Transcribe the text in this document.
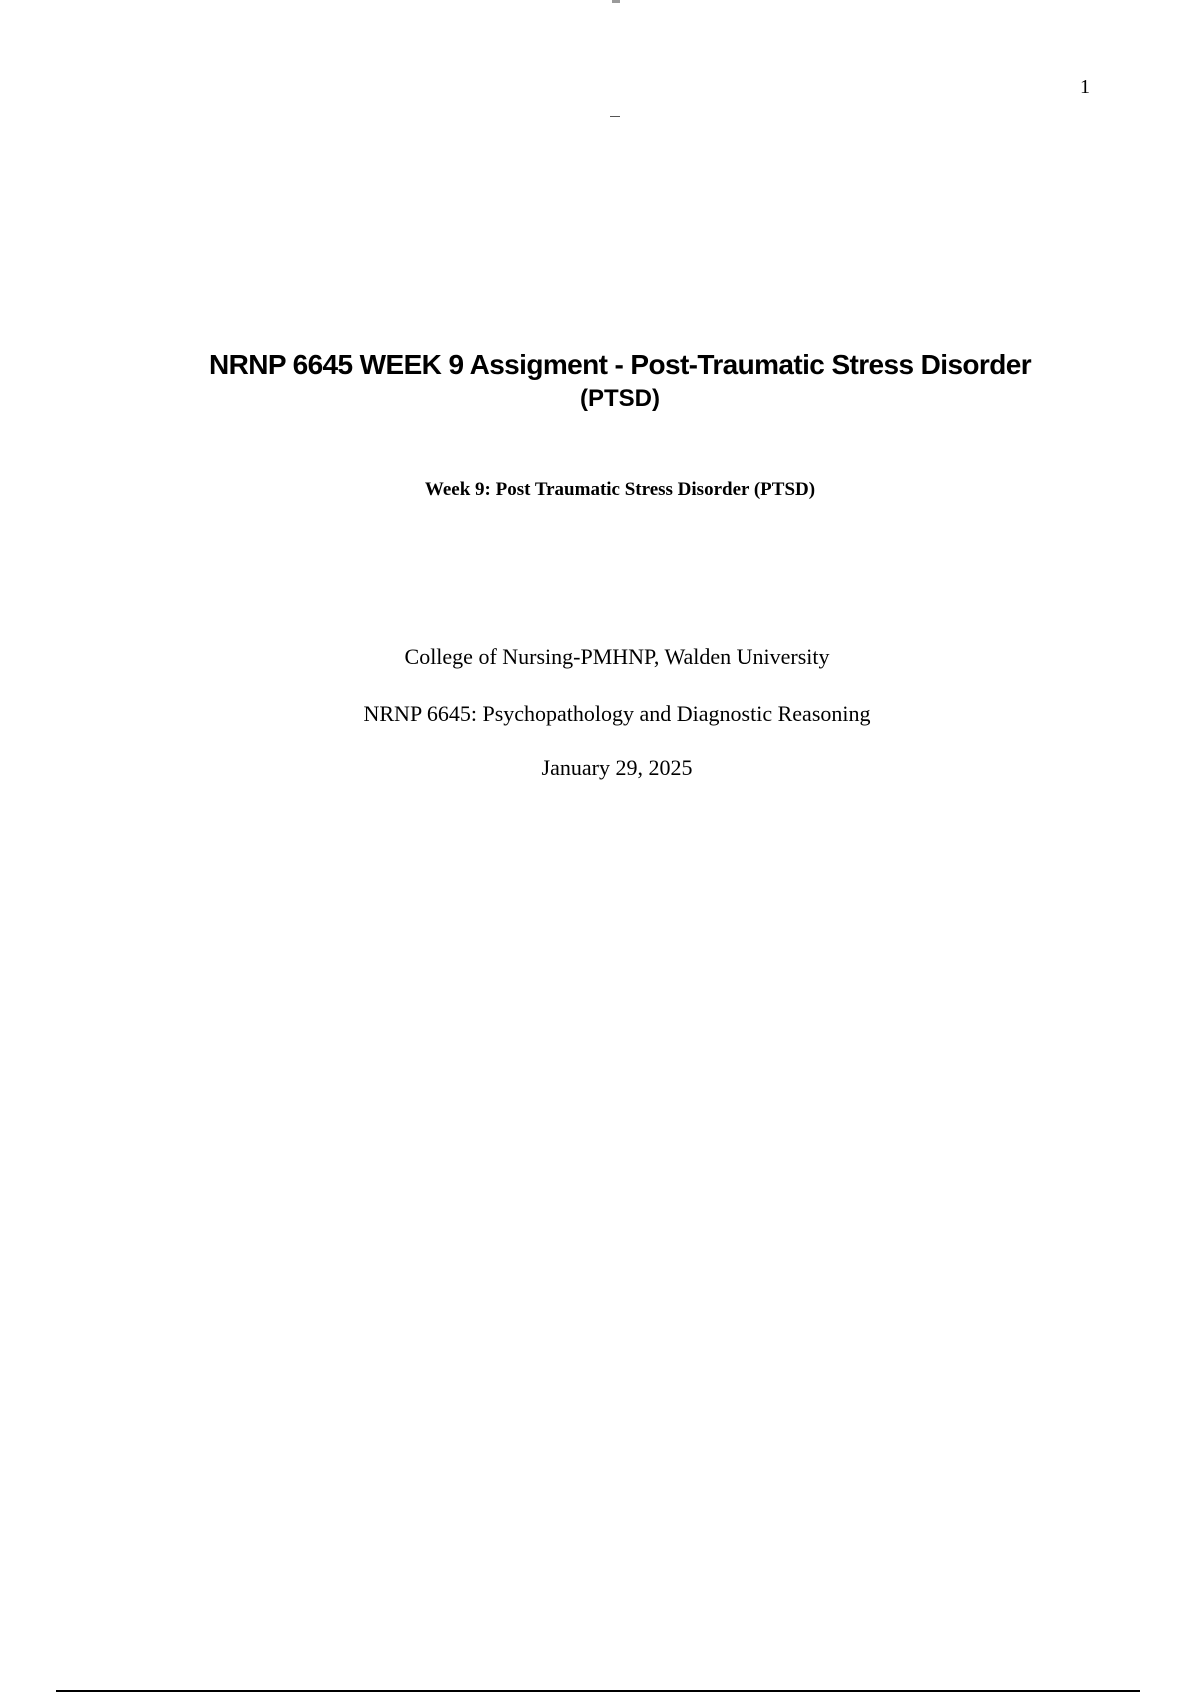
1
NRNP 6645 WEEK 9 Assigment - Post-Traumatic Stress Disorder
(PTSD)
Week 9: Post Traumatic Stress Disorder (PTSD)
College of Nursing-PMHNP, Walden University
NRNP 6645: Psychopathology and Diagnostic Reasoning
January 29, 2025
